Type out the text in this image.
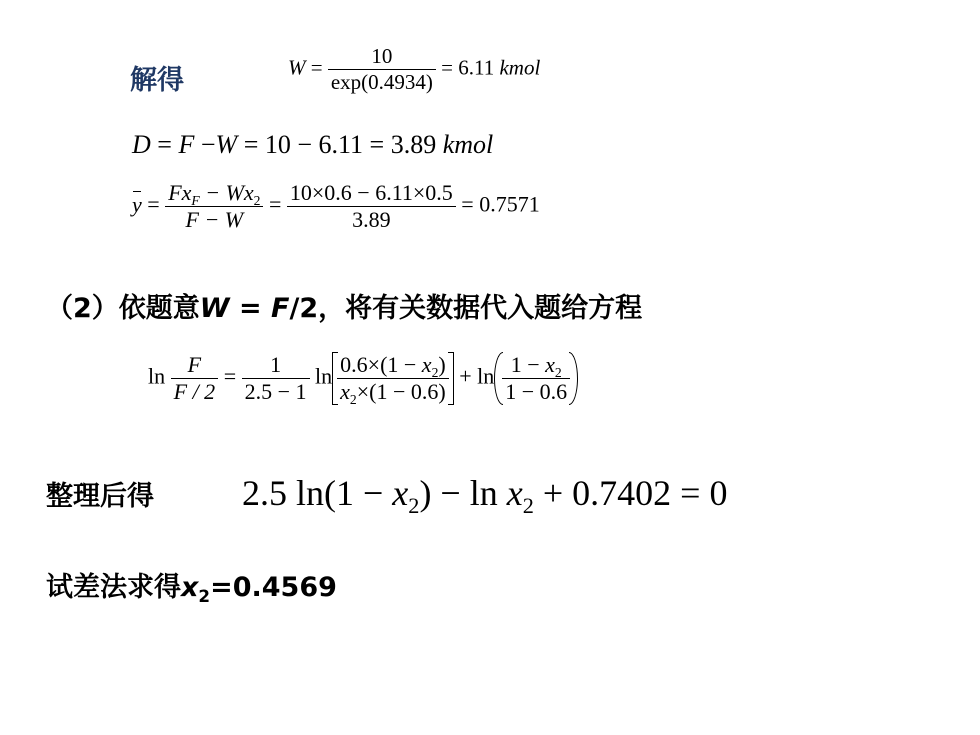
解得	$W = \frac{10}{\exp(0.4934)} = 6.11$ kmol
D = F −W = 10 − 6.11 = 3.89 kmol
$y = \frac{Fx_F - Wx_2}{F - W} = \frac{10\times 0.6 - 6.11\times 0.5}{3.89} = 0.7571$
（2）依题意W = F/2，将有关数据代入题给方程
$\ln \frac{F}{F / 2} = \frac{1}{2.5 - 1}$ $\ln \frac{0.6\times(1 - x_2)}{x_2\times(1 - 0.6)} + \ln \frac{1 - x_2}{1 - 0.6}$
整理后得 2.5 $\ln(1 - x_2) - \ln x_2 + 0.7402 = 0$
试差法求得$x_2=0.4569$
